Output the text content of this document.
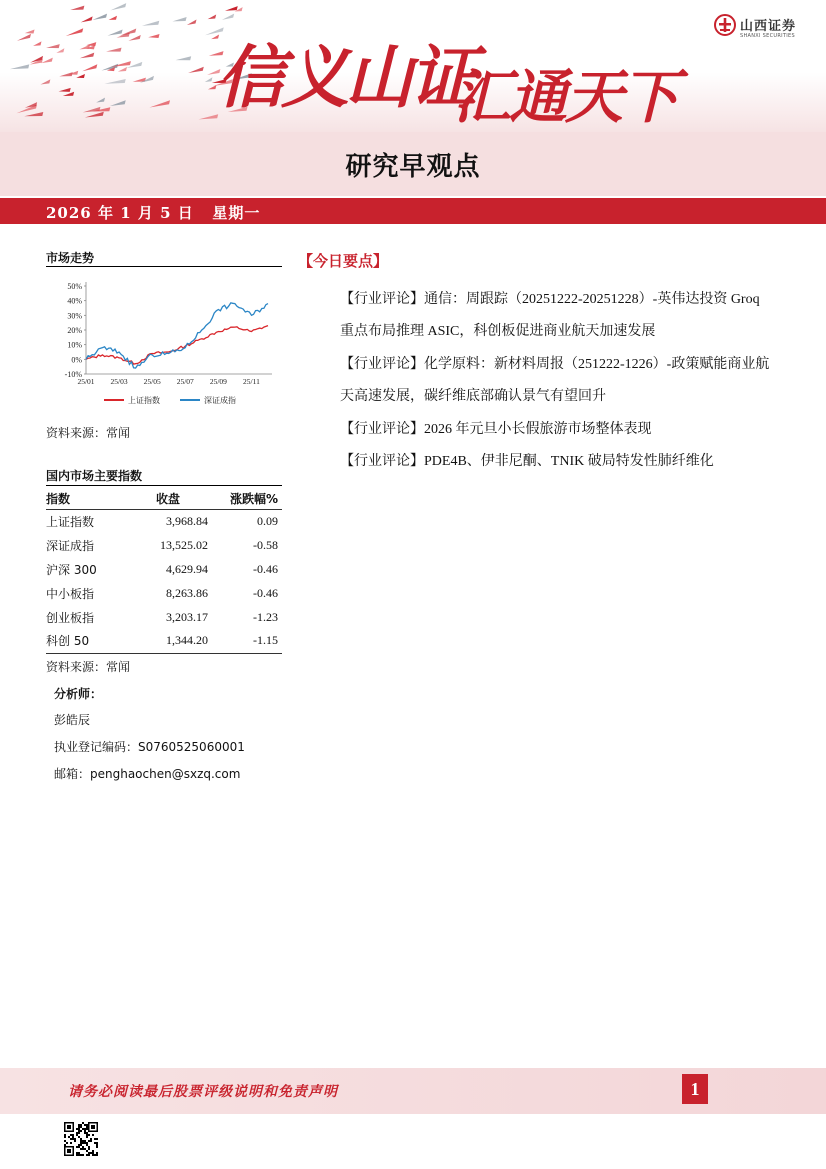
信义山证
汇通天下
山西证券
SHANXI SECURITIES
研究早观点
2026 年 1 月 5 日   星期一
市场走势
50%
40%
30%
20%
10%
0%
-10%
25/01 25/03 25/05 25/07 25/09 25/11
上证指数	深证成指
资料来源：常闻
国内市场主要指数
指数	收盘	涨跌幅%
上证指数	3,968.84	0.09
深证成指	13,525.02	-0.58
沪深 300	4,629.94	-0.46
中小板指	8,263.86	-0.46
创业板指	3,203.17	-1.23
科创 50	1,344.20	-1.15
资料来源：常闻
分析师：
彭皓辰
执业登记编码：S0760525060001
邮箱：penghaochen@sxzq.com
【今日要点】
【行业评论】通信：周跟踪（20251222-20251228）-英伟达投资 Groq
重点布局推理 ASIC，科创板促进商业航天加速发展
【行业评论】化学原料：新材料周报（251222-1226）-政策赋能商业航
天高速发展，碳纤维底部确认景气有望回升
【行业评论】2026 年元旦小长假旅游市场整体表现
【行业评论】PDE4B、伊非尼酮、TNIK 破局特发性肺纤维化
请务必阅读最后股票评级说明和免责声明	1
